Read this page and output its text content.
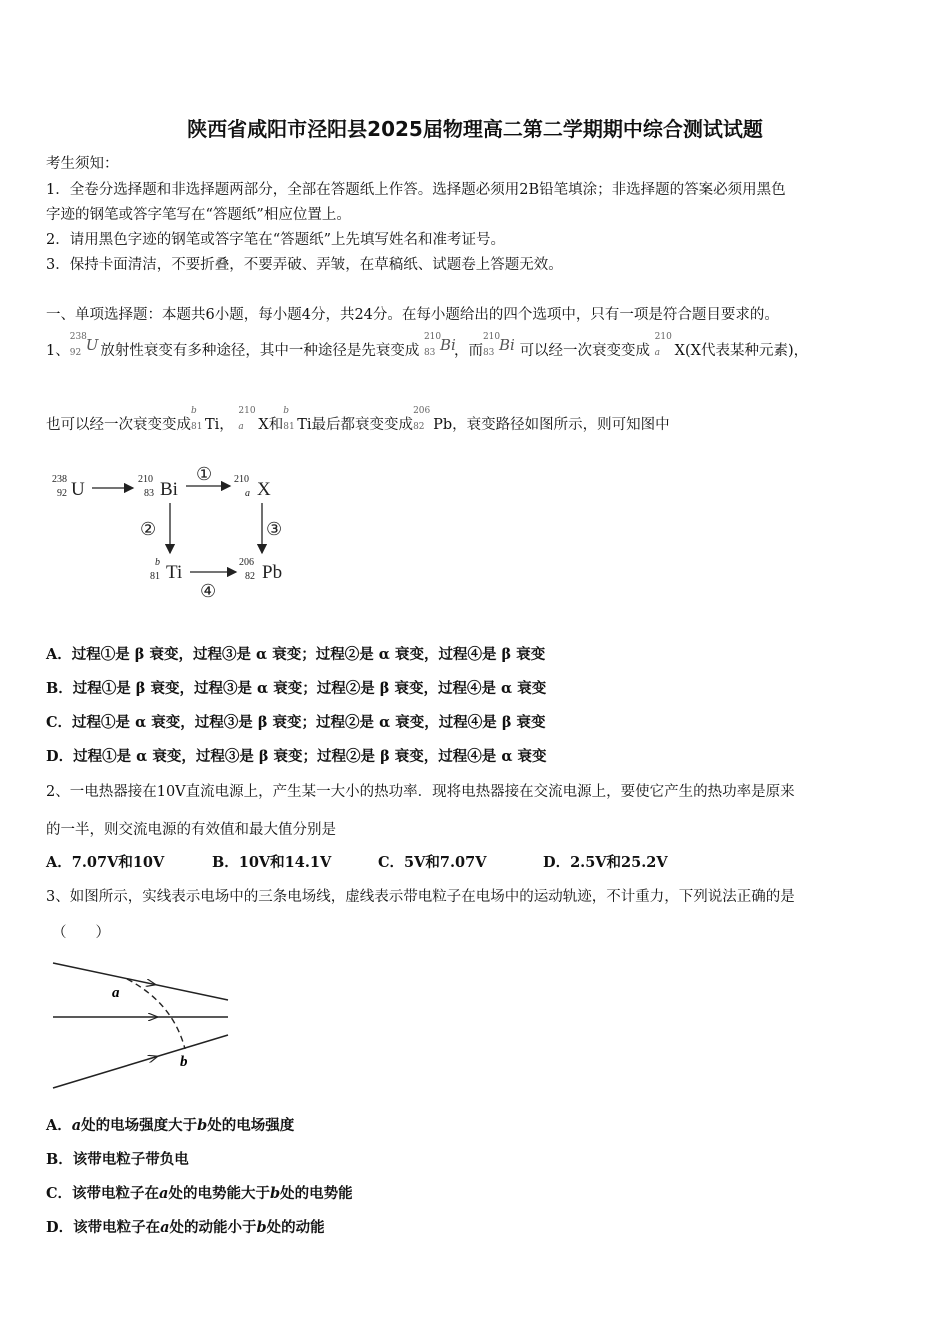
陕西省咸阳市泾阳县2025届物理高二第二学期期中综合测试试题
考生须知：
1．全卷分选择题和非选择题两部分，全部在答题纸上作答。选择题必须用2B铅笔填涂；非选择题的答案必须用黑色
字迹的钢笔或答字笔写在“答题纸”相应位置上。
2．请用黑色字迹的钢笔或答字笔在“答题纸”上先填写姓名和准考证号。
3．保持卡面清洁，不要折叠，不要弄破、弄皱，在草稿纸、试题卷上答题无效。
一、单项选择题：本题共6小题，每小题4分，共24分。在每小题给出的四个选项中，只有一项是符合题目要求的。
1、
238
92 U 放射性衰变有多种途径，其中一种途径是先衰变成
210
83 Bi
，而
210
83 Bi 可以经一次衰变变成
210
a X(X代表某种元素)，
也可以经一次衰变变成
b
81 Ti，
210
a X和
b
81 Ti最后都衰变变成
206
82 Pb，衰变路径如图所示，则可知图中
238
92 U	210
83 Bi
① 210
a X
②	③
b
81 Ti
④
206
82 Pb
A．过程①是 β 衰变，过程③是 α 衰变；过程②是 α 衰变，过程④是 β 衰变
B．过程①是 β 衰变，过程③是 α 衰变；过程②是 β 衰变，过程④是 α 衰变
C．过程①是 α 衰变，过程③是 β 衰变；过程②是 α 衰变，过程④是 β 衰变
D．过程①是 α 衰变，过程③是 β 衰变；过程②是 β 衰变，过程④是 α 衰变
2、一电热器接在10V直流电源上，产生某一大小的热功率．现将电热器接在交流电源上，要使它产生的热功率是原来
的一半，则交流电源的有效值和最大值分别是
A．7.07V和10V	B．10V和14.1V	C．5V和7.07V	D．2.5V和25.2V
3、如图所示，实线表示电场中的三条电场线，虚线表示带电粒子在电场中的运动轨迹，不计重力，下列说法正确的是
（　　）
a
b
A．a处的电场强度大于b处的电场强度
B．该带电粒子带负电
C．该带电粒子在a处的电势能大于b处的电势能
D．该带电粒子在a处的动能小于b处的动能
